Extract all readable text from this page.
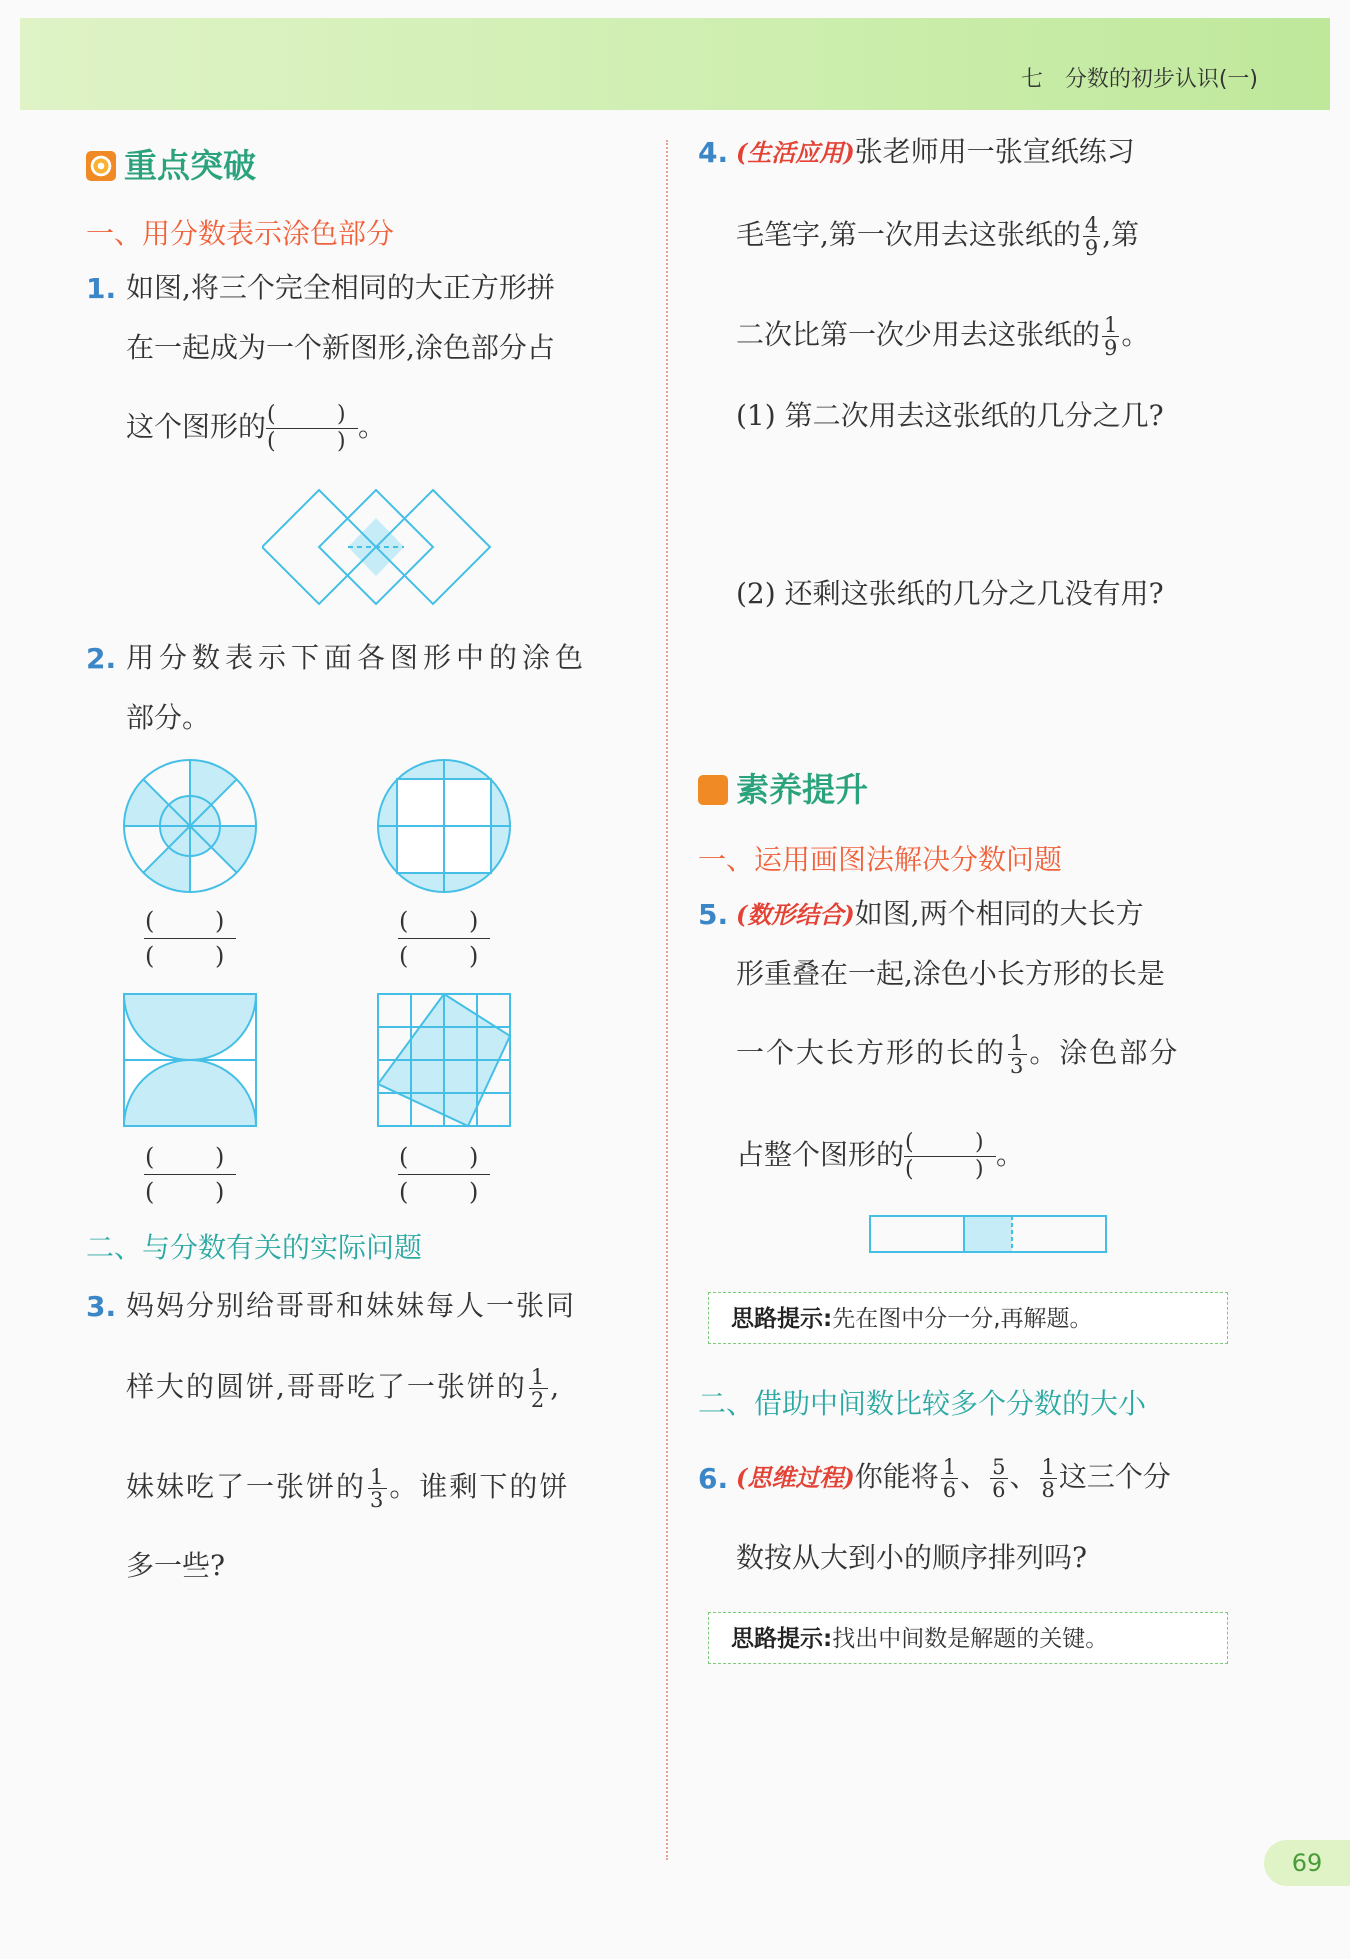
七　分数的初步认识(一)
重点突破
一、用分数表示涂色部分
1. 如图,将三个完全相同的大正方形拼
在一起成为一个新图形,涂色部分占
这个图形的 (	)
(	) 。
2. 用分数表示下面各图形中的涂色
部分。
(	)
(	)
(	)
(	)
(	)
(	)
(	)
(	)
二、与分数有关的实际问题
3. 妈妈分别给哥哥和妹妹每人一张同
样大的圆饼,哥哥吃了一张饼的 $\frac{1}{2}$ ,
妹妹吃了一张饼的 $\frac{1}{3}$ 。谁剩下的饼
多一些?
4. (生活应用)张老师用一张宣纸练习
毛笔字,第一次用去这张纸的 $\frac{4}{9}$ ,第
二次比第一次少用去这张纸的 $\frac{1}{9}$ 。
(1) 第二次用去这张纸的几分之几?
(2) 还剩这张纸的几分之几没有用?
素养提升
一、运用画图法解决分数问题
5. (数形结合)如图,两个相同的大长方
形重叠在一起,涂色小长方形的长是
一个大长方形的长的 $\frac{1}{3}$ 。涂色部分
占整个图形的 (	)
(	) 。
思路提示:先在图中分一分,再解题。
二、借助中间数比较多个分数的大小
6. (思维过程)你能将 $\frac{1}{6}$ 、 $\frac{5}{6}$ 、 $\frac{1}{8}$ 这三个分
数按从大到小的顺序排列吗?
思路提示:找出中间数是解题的关键。
69
